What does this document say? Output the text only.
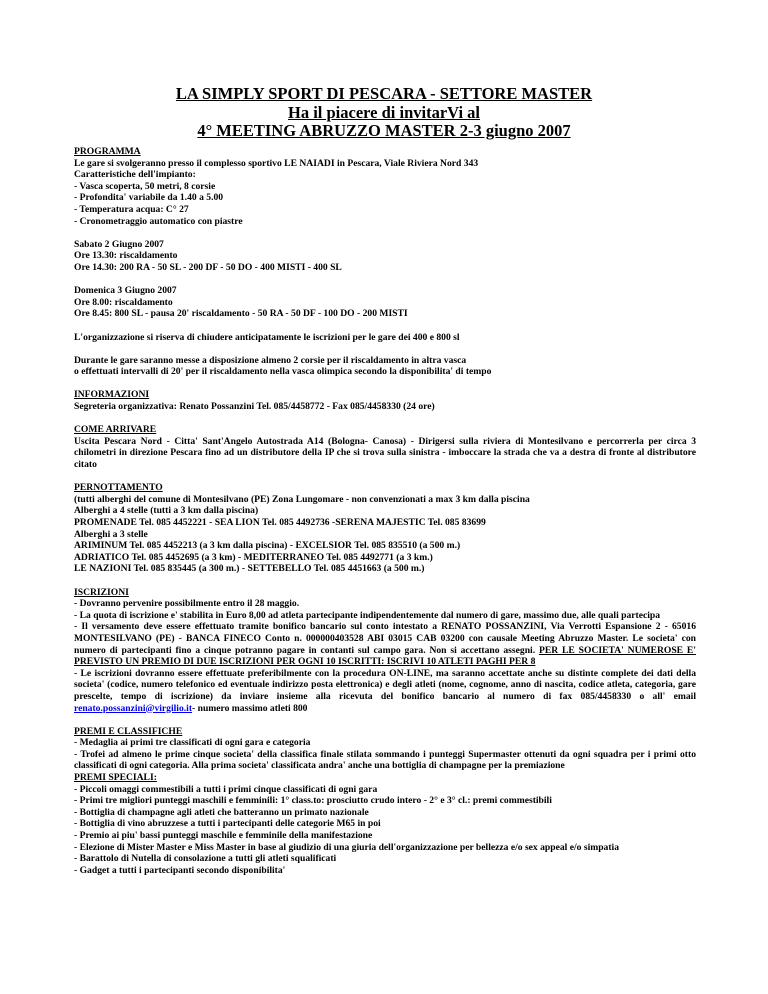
LA SIMPLY SPORT DI PESCARA - SETTORE MASTER

Ha il piacere di invitarVi al

4° MEETING ABRUZZO MASTER 2-3 giugno 2007

PROGRAMMA

Le gare si svolgeranno presso il complesso sportivo LE NAIADI in Pescara, Viale Riviera Nord 343

Caratteristiche dell'impianto:

- Vasca scoperta, 50 metri, 8 corsie

- Profondita' variabile da 1.40 a 5.00

- Temperatura acqua: C° 27

- Cronometraggio automatico con piastre

Sabato 2 Giugno 2007

Ore 13.30: riscaldamento

Ore 14.30: 200 RA - 50 SL - 200 DF - 50 DO - 400 MISTI - 400 SL

Domenica 3 Giugno 2007

Ore 8.00: riscaldamento

Ore 8.45: 800 SL - pausa 20' riscaldamento - 50 RA - 50 DF - 100 DO - 200 MISTI

L'organizzazione si riserva di chiudere anticipatamente le iscrizioni per le gare dei 400 e 800 sl

Durante le gare saranno messe a disposizione almeno 2 corsie per il riscaldamento in altra vasca

o effettuati intervalli di 20' per il riscaldamento nella vasca olimpica secondo la disponibilita' di tempo

INFORMAZIONI

Segreteria organizzativa: Renato Possanzini Tel. 085/4458772 - Fax 085/4458330 (24 ore)

COME ARRIVARE

Uscita Pescara Nord - Citta' Sant'Angelo Autostrada A14 (Bologna- Canosa) - Dirigersi sulla riviera di Montesilvano e percorrerla per circa 3 chilometri in direzione Pescara fino ad un distributore della IP che si trova sulla sinistra - imboccare la strada che va a destra di fronte al distributore citato

PERNOTTAMENTO

(tutti alberghi del comune di Montesilvano (PE) Zona Lungomare - non convenzionati a max 3 km dalla piscina

Alberghi a 4 stelle (tutti a 3 km dalla piscina)

PROMENADE Tel. 085 4452221 - SEA LION Tel. 085 4492736 -SERENA MAJESTIC Tel. 085 83699

Alberghi a 3 stelle

ARIMINUM Tel. 085 4452213 (a 3 km dalla piscina) - EXCELSIOR Tel. 085 835510 (a 500 m.)

ADRIATICO Tel. 085 4452695 (a 3 km) - MEDITERRANEO Tel. 085 4492771 (a 3 km.)

LE NAZIONI Tel. 085 835445 (a 300 m.) - SETTEBELLO Tel. 085 4451663 (a 500 m.)

ISCRIZIONI

- Dovranno pervenire possibilmente entro il 28 maggio.

- La quota di iscrizione e' stabilita in Euro 8,00 ad atleta partecipante indipendentemente dal numero di gare, massimo due, alle quali partecipa

- Il versamento deve essere effettuato tramite bonifico bancario sul conto intestato a RENATO POSSANZINI, Via Verrotti Espansione 2 - 65016 MONTESILVANO (PE) - BANCA FINECO Conto n. 000000403528 ABI 03015 CAB 03200 con causale Meeting Abruzzo Master. Le societa' con numero di partecipanti fino a cinque potranno pagare in contanti sul campo gara. Non si accettano assegni. PER LE SOCIETA' NUMEROSE E' PREVISTO UN PREMIO DI DUE ISCRIZIONI PER OGNI 10 ISCRITTI: ISCRIVI 10 ATLETI PAGHI PER 8

- Le iscrizioni dovranno essere effettuate preferibilmente con la procedura ON-LINE, ma saranno accettate anche su distinte complete dei dati della societa' (codice, numero telefonico ed eventuale indirizzo posta elettronica) e degli atleti (nome, cognome, anno di nascita, codice atleta, categoria, gare prescelte, tempo di iscrizione) da inviare insieme alla ricevuta del bonifico bancario al numero di fax 085/4458330 o all' email renato.possanzini@virgilio.it- numero massimo atleti 800

PREMI E CLASSIFICHE

- Medaglia ai primi tre classificati di ogni gara e categoria

- Trofei ad almeno le prime cinque societa' della classifica finale stilata sommando i punteggi Supermaster ottenuti da ogni squadra per i primi otto classificati di ogni categoria. Alla prima societa' classificata andra' anche una bottiglia di champagne per la premiazione

PREMI SPECIALI:

- Piccoli omaggi commestibili a tutti i primi cinque classificati di ogni gara

- Primi tre migliori punteggi maschili e femminili: 1° class.to: prosciutto crudo intero - 2° e 3° cl.: premi commestibili

- Bottiglia di champagne agli atleti che batteranno un primato nazionale

- Bottiglia di vino abruzzese a tutti i partecipanti delle categorie M65 in poi

- Premio ai piu' bassi punteggi maschile e femminile della manifestazione

- Elezione di Mister Master e Miss Master in base al giudizio di una giuria dell'organizzazione per bellezza e/o sex appeal e/o simpatia

- Barattolo di Nutella di consolazione a tutti gli atleti squalificati

- Gadget a tutti i partecipanti secondo disponibilita'
